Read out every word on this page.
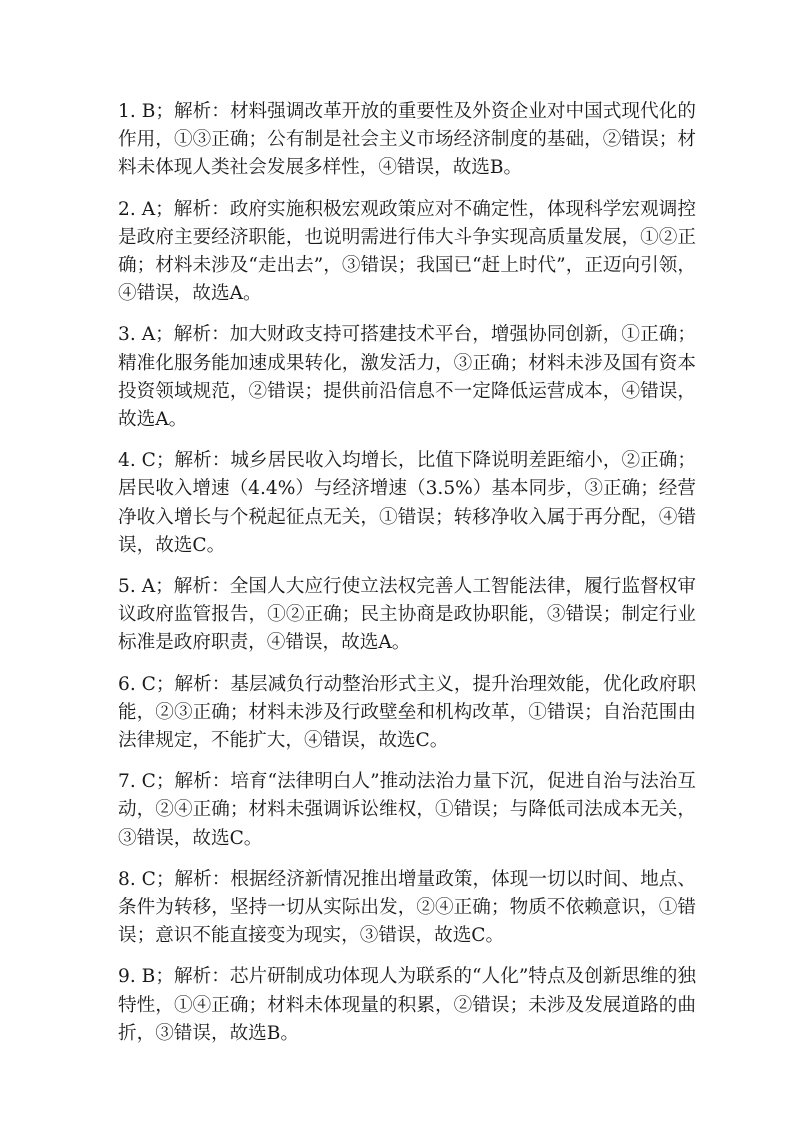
1. B；解析：材料强调改革开放的重要性及外资企业对中国式现代化的作用，①③正确；公有制是社会主义市场经济制度的基础，②错误；材料未体现人类社会发展多样性，④错误，故选B。

2. A；解析：政府实施积极宏观政策应对不确定性，体现科学宏观调控是政府主要经济职能，也说明需进行伟大斗争实现高质量发展，①②正确；材料未涉及“走出去”，③错误；我国已“赶上时代”，正迈向引领，④错误，故选A。

3. A；解析：加大财政支持可搭建技术平台，增强协同创新，①正确；精准化服务能加速成果转化，激发活力，③正确；材料未涉及国有资本投资领域规范，②错误；提供前沿信息不一定降低运营成本，④错误，故选A。

4. C；解析：城乡居民收入均增长，比值下降说明差距缩小，②正确；居民收入增速（4.4%）与经济增速（3.5%）基本同步，③正确；经营净收入增长与个税起征点无关，①错误；转移净收入属于再分配，④错误，故选C。

5. A；解析：全国人大应行使立法权完善人工智能法律，履行监督权审议政府监管报告，①②正确；民主协商是政协职能，③错误；制定行业标准是政府职责，④错误，故选A。

6. C；解析：基层减负行动整治形式主义，提升治理效能，优化政府职能，②③正确；材料未涉及行政壁垒和机构改革，①错误；自治范围由法律规定，不能扩大，④错误，故选C。

7. C；解析：培育“法律明白人”推动法治力量下沉，促进自治与法治互动，②④正确；材料未强调诉讼维权，①错误；与降低司法成本无关，③错误，故选C。

8. C；解析：根据经济新情况推出增量政策，体现一切以时间、地点、条件为转移，坚持一切从实际出发，②④正确；物质不依赖意识，①错误；意识不能直接变为现实，③错误，故选C。

9. B；解析：芯片研制成功体现人为联系的“人化”特点及创新思维的独特性，①④正确；材料未体现量的积累，②错误；未涉及发展道路的曲折，③错误，故选B。
